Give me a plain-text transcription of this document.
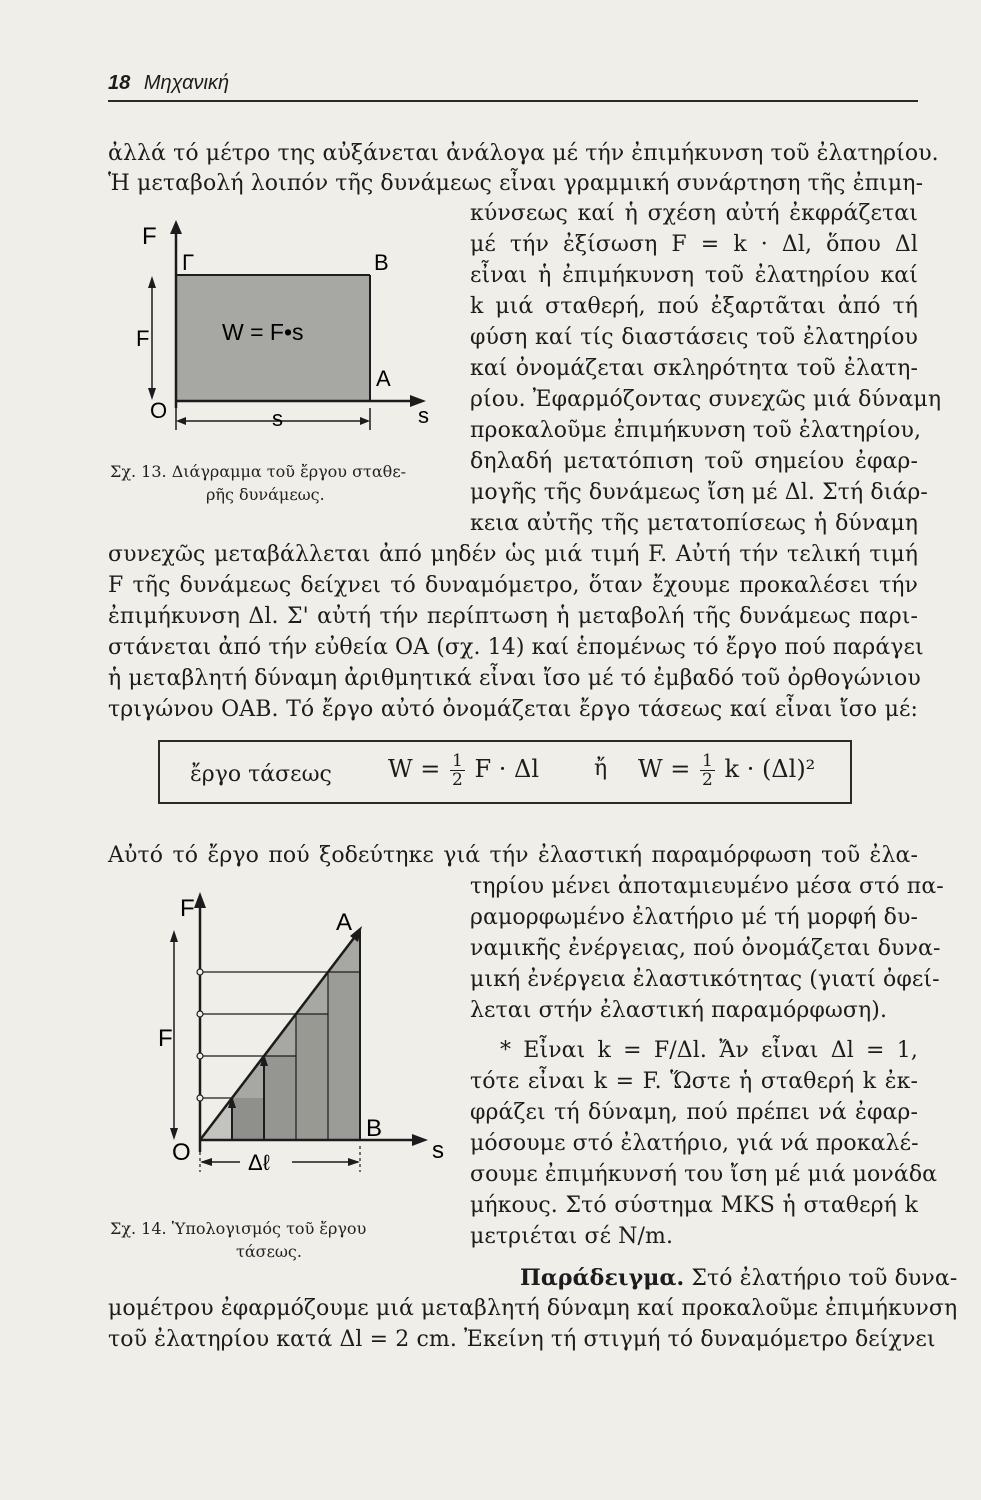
18 Μηχανική
ἀλλά τό μέτρο της αὐξάνεται ἀνάλογα μέ τήν ἐπιμήκυνση τοῦ ἐλατηρίου.
Ἡ μεταβολή λοιπόν τῆς δυνάμεως εἶναι γραμμική συνάρτηση τῆς ἐπιμη-
κύνσεως καί ἡ σχέση αὐτή ἐκφράζεται
μέ τήν ἐξίσωση F = k · Δl, ὅπου Δl
εἶναι ἡ ἐπιμήκυνση τοῦ ἐλατηρίου καί
k μιά σταθερή, πού ἐξαρτᾶται ἀπό τή
φύση καί τίς διαστάσεις τοῦ ἐλατηρίου
καί ὀνομάζεται σκληρότητα τοῦ ἐλατη-
ρίου. Ἐφαρμόζοντας συνεχῶς μιά δύναμη
προκαλοῦμε ἐπιμήκυνση τοῦ ἐλατηρίου,
δηλαδή μετατόπιση τοῦ σημείου ἐφαρ-
μογῆς τῆς δυνάμεως ἴση μέ Δl. Στή διάρ-
κεια αὐτῆς τῆς μετατοπίσεως ἡ δύναμη
F
Γ	B
F	W = F•s
A
O	s	s
Σχ. 13. Διάγραμμα τοῦ ἔργου σταθε-
ρῆς δυνάμεως.
συνεχῶς μεταβάλλεται ἀπό μηδέν ὡς μιά τιμή F. Αὐτή τήν τελική τιμή
F τῆς δυνάμεως δείχνει τό δυναμόμετρο, ὅταν ἔχουμε προκαλέσει τήν
ἐπιμήκυνση Δl. Σ' αὐτή τήν περίπτωση ἡ μεταβολή τῆς δυνάμεως παρι-
στάνεται ἀπό τήν εὐθεία ΟΑ (σχ. 14) καί ἑπομένως τό ἔργο πού παράγει
ἡ μεταβλητή δύναμη ἀριθμητικά εἶναι ἴσο μέ τό ἐμβαδό τοῦ ὀρθογώνιου
τριγώνου ΟΑΒ. Τό ἔργο αὐτό ὀνομάζεται ἔργο τάσεως καί εἶναι ἴσο μέ:
ἔργο τάσεως $W = \frac{1}{2}$ F · Δl ἤ $W = \frac{1}{2}$ k · (Δl)²
Αὐτό τό ἔργο πού ξοδεύτηκε γιά τήν ἐλαστική παραμόρφωση τοῦ ἐλα-
τηρίου μένει ἀποταμιευμένο μέσα στό πα-
ραμορφωμένο ἐλατήριο μέ τή μορφή δυ-
ναμικῆς ἐνέργειας, πού ὀνομάζεται δυνα-
μική ἐνέργεια ἐλαστικότητας (γιατί ὀφεί-
λεται στήν ἐλαστική παραμόρφωση).
* Εἶναι k = F/Δl. Ἄν εἶναι Δl = 1,
τότε εἶναι k = F. Ὥστε ἡ σταθερή k ἐκ-
φράζει τή δύναμη, πού πρέπει νά ἐφαρ-
μόσουμε στό ἐλατήριο, γιά νά προκαλέ-
σουμε ἐπιμήκυνσή του ἴση μέ μιά μονάδα
μήκους. Στό σύστημα MKS ἡ σταθερή k
μετριέται σέ N/m.
F
A
F
B
O	Δℓ	s
Σχ. 14. Ὑπολογισμός τοῦ ἔργου
τάσεως.
Παράδειγμα. Στό ἐλατήριο τοῦ δυνα-
μομέτρου ἐφαρμόζουμε μιά μεταβλητή δύναμη καί προκαλοῦμε ἐπιμήκυνση
τοῦ ἐλατηρίου κατά Δl = 2 cm. Ἐκείνη τή στιγμή τό δυναμόμετρο δείχνει
